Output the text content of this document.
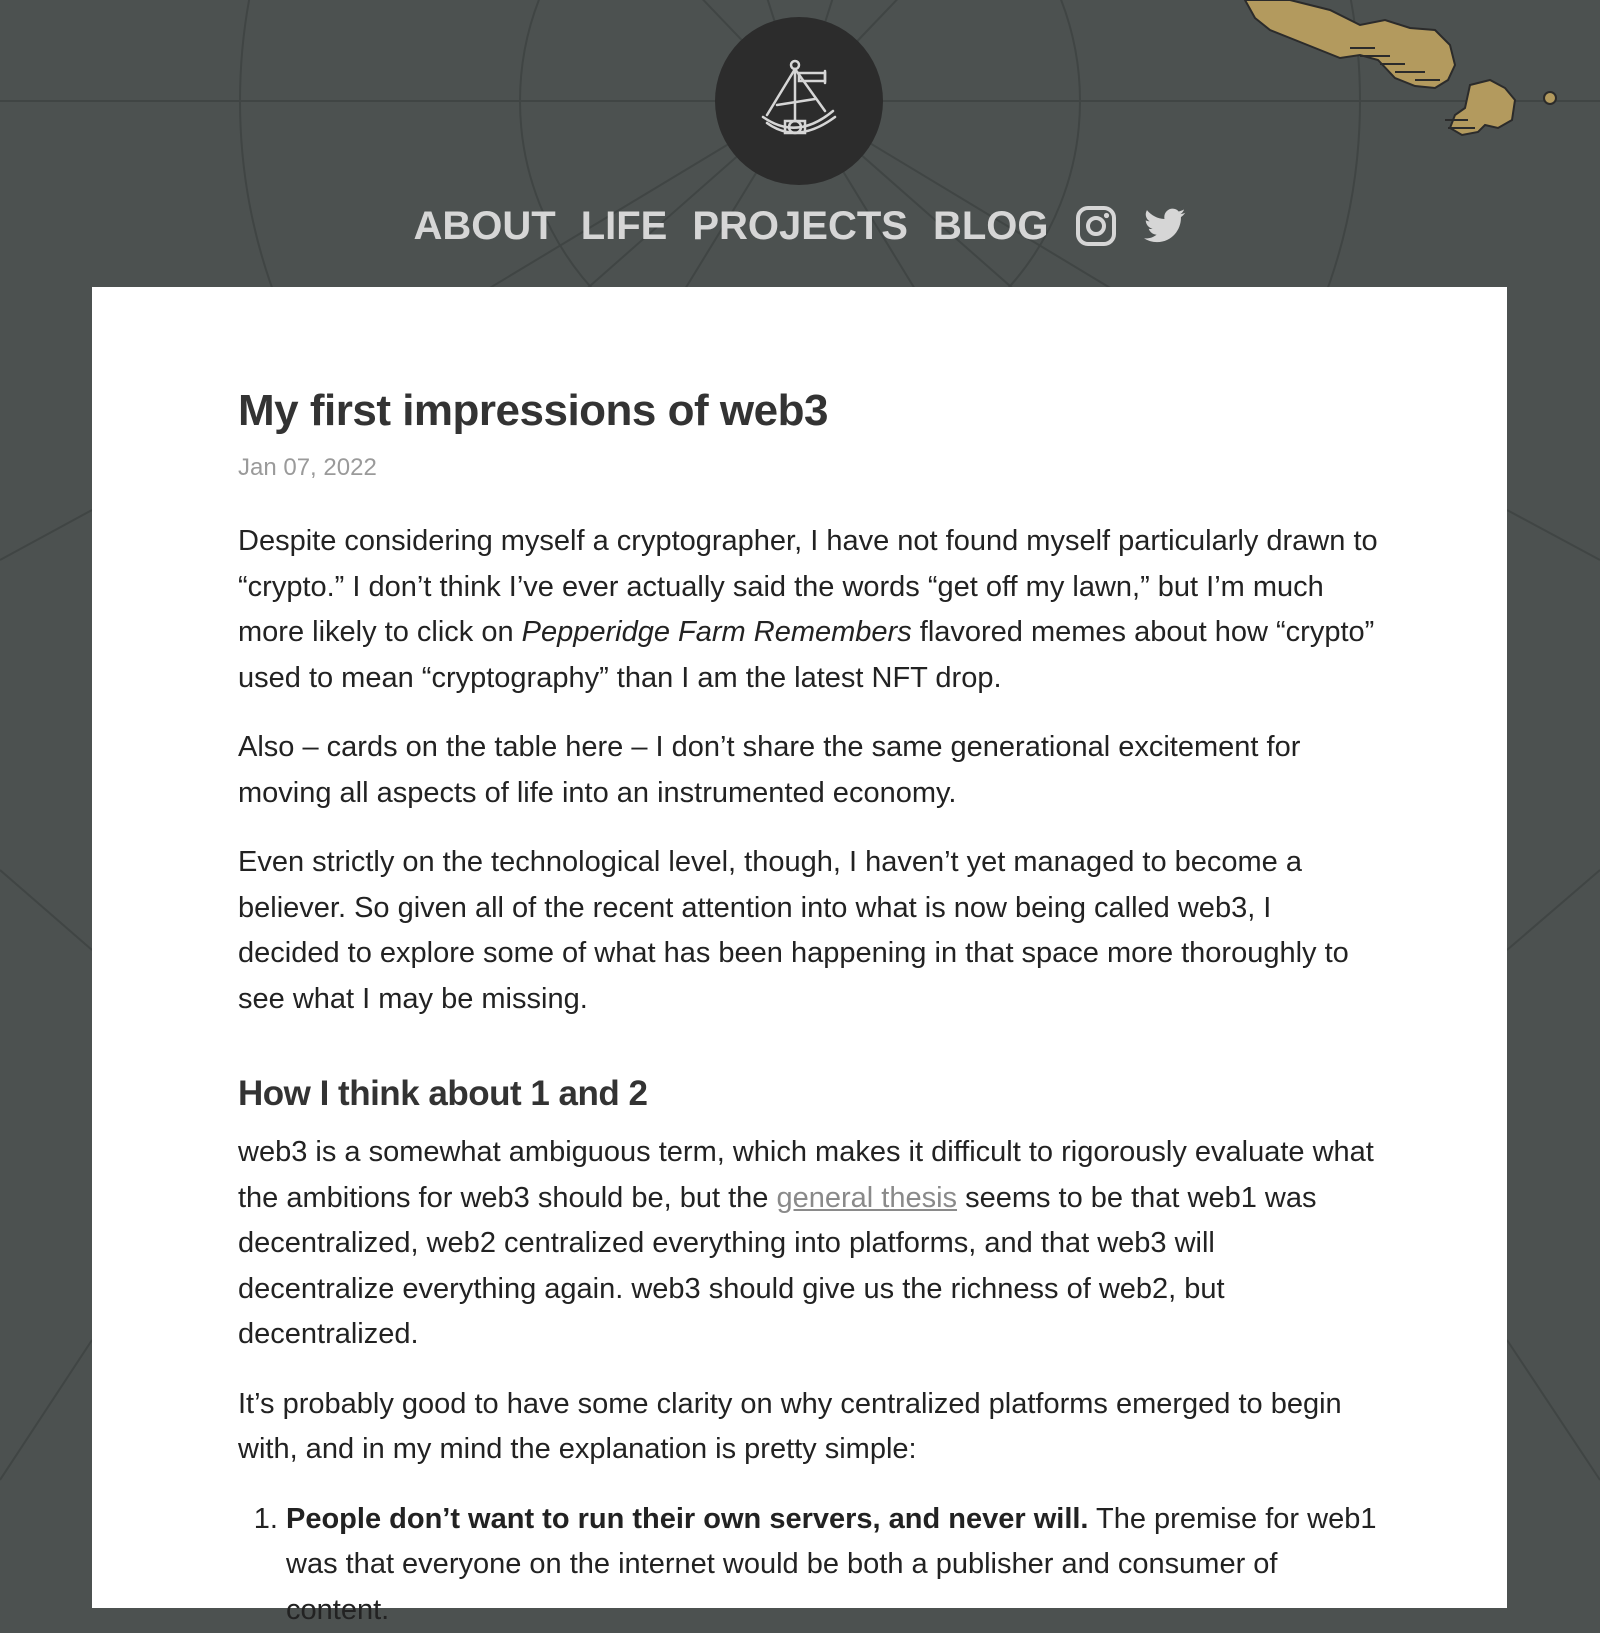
ABOUT LIFE PROJECTS BLOG
My first impressions of web3
Jan 07, 2022

Despite considering myself a cryptographer, I have not found myself particularly drawn to “crypto.” I don’t think I’ve ever actually said the words “get off my lawn,” but I’m much more likely to click on Pepperidge Farm Remembers flavored memes about how “crypto” used to mean “cryptography” than I am the latest NFT drop.

Also – cards on the table here – I don’t share the same generational excitement for moving all aspects of life into an instrumented economy.

Even strictly on the technological level, though, I haven’t yet managed to become a believer. So given all of the recent attention into what is now being called web3, I decided to explore some of what has been happening in that space more thoroughly to see what I may be missing.

How I think about 1 and 2

web3 is a somewhat ambiguous term, which makes it difficult to rigorously evaluate what the ambitions for web3 should be, but the general thesis seems to be that web1 was decentralized, web2 centralized everything into platforms, and that web3 will decentralize everything again. web3 should give us the richness of web2, but decentralized.

It’s probably good to have some clarity on why centralized platforms emerged to begin with, and in my mind the explanation is pretty simple:

1. People don’t want to run their own servers, and never will. The premise for web1 was that everyone on the internet would be both a publisher and consumer of content.
